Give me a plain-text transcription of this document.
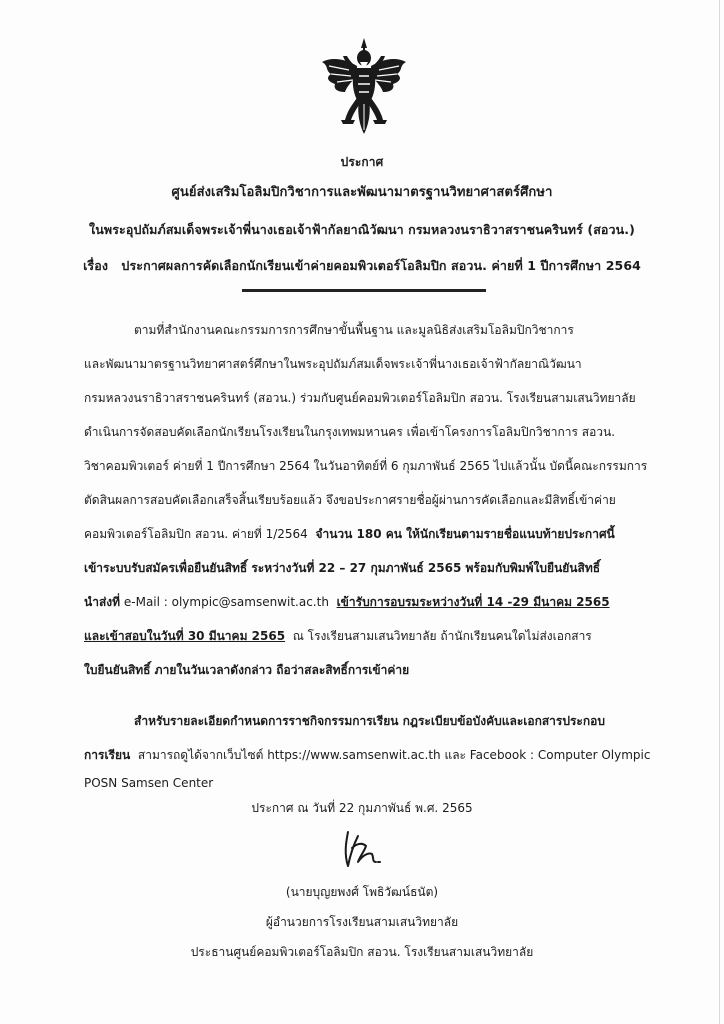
ประกาศ
ศูนย์ส่งเสริมโอลิมปิกวิชาการและพัฒนามาตรฐานวิทยาศาสตร์ศึกษา
ในพระอุปถัมภ์สมเด็จพระเจ้าพี่นางเธอเจ้าฟ้ากัลยาณิวัฒนา กรมหลวงนราธิวาสราชนครินทร์ (สอวน.)
เรื่อง ประกาศผลการคัดเลือกนักเรียนเข้าค่ายคอมพิวเตอร์โอลิมปิก สอวน. ค่ายที่ 1 ปีการศึกษา 2564
ตามที่สำนักงานคณะกรรมการการศึกษาขั้นพื้นฐาน และมูลนิธิส่งเสริมโอลิมปิกวิชาการ
และพัฒนามาตรฐานวิทยาศาสตร์ศึกษาในพระอุปถัมภ์สมเด็จพระเจ้าพี่นางเธอเจ้าฟ้ากัลยาณิวัฒนา
กรมหลวงนราธิวาสราชนครินทร์ (สอวน.) ร่วมกับศูนย์คอมพิวเตอร์โอลิมปิก สอวน. โรงเรียนสามเสนวิทยาลัย
ดำเนินการจัดสอบคัดเลือกนักเรียนโรงเรียนในกรุงเทพมหานคร เพื่อเข้าโครงการโอลิมปิกวิชาการ สอวน.
วิชาคอมพิวเตอร์ ค่ายที่ 1 ปีการศึกษา 2564 ในวันอาทิตย์ที่ 6 กุมภาพันธ์ 2565 ไปแล้วนั้น บัดนี้คณะกรรมการ
ตัดสินผลการสอบคัดเลือกเสร็จสิ้นเรียบร้อยแล้ว จึงขอประกาศรายชื่อผู้ผ่านการคัดเลือกและมีสิทธิ์เข้าค่าย
คอมพิวเตอร์โอลิมปิก สอวน. ค่ายที่ 1/2564 จำนวน 180 คน ให้นักเรียนตามรายชื่อแนบท้ายประกาศนี้
เข้าระบบรับสมัครเพื่อยืนยันสิทธิ์ ระหว่างวันที่ 22 – 27 กุมภาพันธ์ 2565 พร้อมกับพิมพ์ใบยืนยันสิทธิ์
นำส่งที่ e-Mail : olympic@samsenwit.ac.th เข้ารับการอบรมระหว่างวันที่ 14 -29 มีนาคม 2565
และเข้าสอบในวันที่ 30 มีนาคม 2565 ณ โรงเรียนสามเสนวิทยาลัย ถ้านักเรียนคนใดไม่ส่งเอกสาร
ใบยืนยันสิทธิ์ ภายในวันเวลาดังกล่าว ถือว่าสละสิทธิ์การเข้าค่าย
สำหรับรายละเอียดกำหนดการราชกิจกรรมการเรียน กฎระเบียบข้อบังคับและเอกสารประกอบ
การเรียน สามารถดูได้จากเว็บไซต์ https://www.samsenwit.ac.th และ Facebook : Computer Olympic
POSN Samsen Center
ประกาศ ณ วันที่ 22 กุมภาพันธ์ พ.ศ. 2565
(นายบุญยพงศ์ โพธิวัฒน์ธนัต)
ผู้อำนวยการโรงเรียนสามเสนวิทยาลัย
ประธานศูนย์คอมพิวเตอร์โอลิมปิก สอวน. โรงเรียนสามเสนวิทยาลัย
